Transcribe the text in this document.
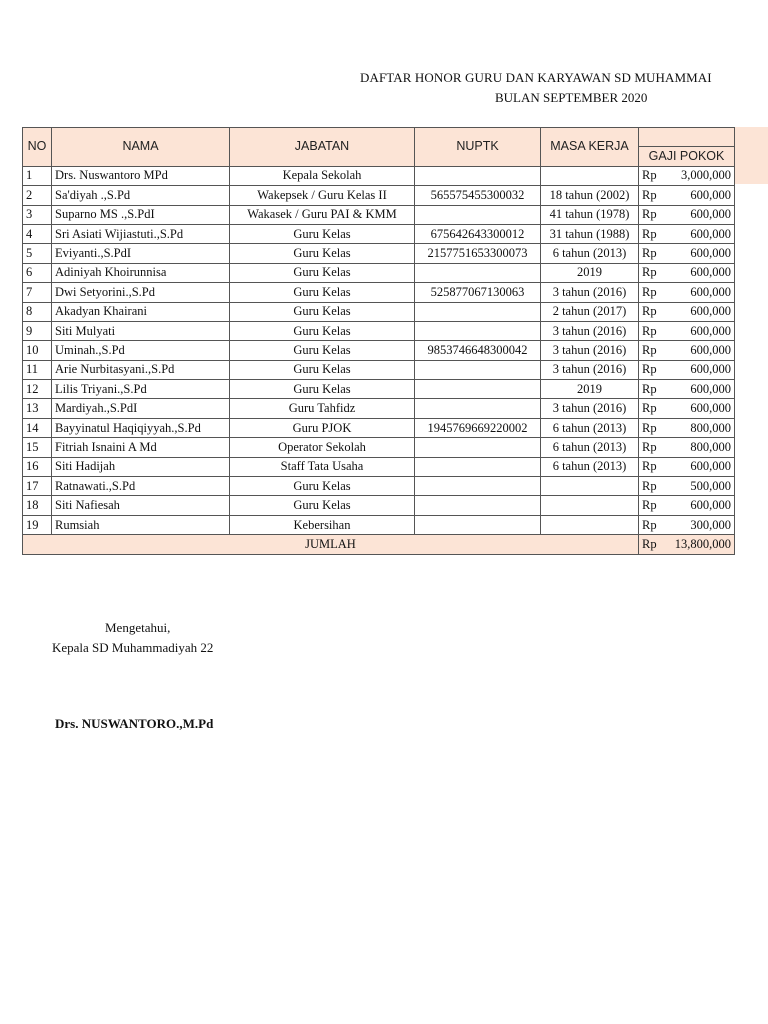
DAFTAR HONOR GURU DAN KARYAWAN SD MUHAMMAI
BULAN SEPTEMBER 2020
NO	NAMA	JABATAN	NUPTK	MASA KERJA	
					GAJI POKOK
1	Drs. Nuswantoro MPd	Kepala Sekolah			Rp 3,000,000

2	Sa'diyah .,S.Pd	Wakepsek / Guru Kelas II	565575455300032	18 tahun (2002)	Rp 600,000

3	Suparno MS .,S.PdI	Wakasek / Guru PAI & KMM		41 tahun (1978)	Rp 600,000

4	Sri Asiati Wijiastuti.,S.Pd	Guru Kelas	675642643300012	31 tahun (1988)	Rp 600,000

5	Eviyanti.,S.PdI	Guru Kelas	2157751653300073	6 tahun (2013)	Rp 600,000

6	Adiniyah Khoirunnisa	Guru Kelas		2019	Rp 600,000

7	Dwi Setyorini.,S.Pd	Guru Kelas	525877067130063	3 tahun (2016)	Rp 600,000

8	Akadyan Khairani	Guru Kelas		2 tahun (2017)	Rp 600,000

9	Siti Mulyati	Guru Kelas		3 tahun (2016)	Rp 600,000

10	Uminah.,S.Pd	Guru Kelas	9853746648300042	3 tahun (2016)	Rp 600,000

11	Arie Nurbitasyani.,S.Pd	Guru Kelas		3 tahun (2016)	Rp 600,000

12	Lilis Triyani.,S.Pd	Guru Kelas		2019	Rp 600,000

13	Mardiyah.,S.PdI	Guru Tahfidz		3 tahun (2016)	Rp 600,000

14	Bayyinatul Haqiqiyyah.,S.Pd	Guru PJOK	1945769669220002	6 tahun (2013)	Rp 800,000

15	Fitriah Isnaini A Md	Operator Sekolah		6 tahun (2013)	Rp 800,000

16	Siti Hadijah	Staff Tata Usaha		6 tahun (2013)	Rp 600,000

17	Ratnawati.,S.Pd	Guru Kelas			Rp 500,000

18	Siti Nafiesah	Guru Kelas			Rp 600,000

19	Rumsiah	Kebersihan			Rp 300,000

JUMLAH					Rp 13,800,000
Mengetahui,
Kepala SD Muhammadiyah 22
Drs. NUSWANTORO.,M.Pd
